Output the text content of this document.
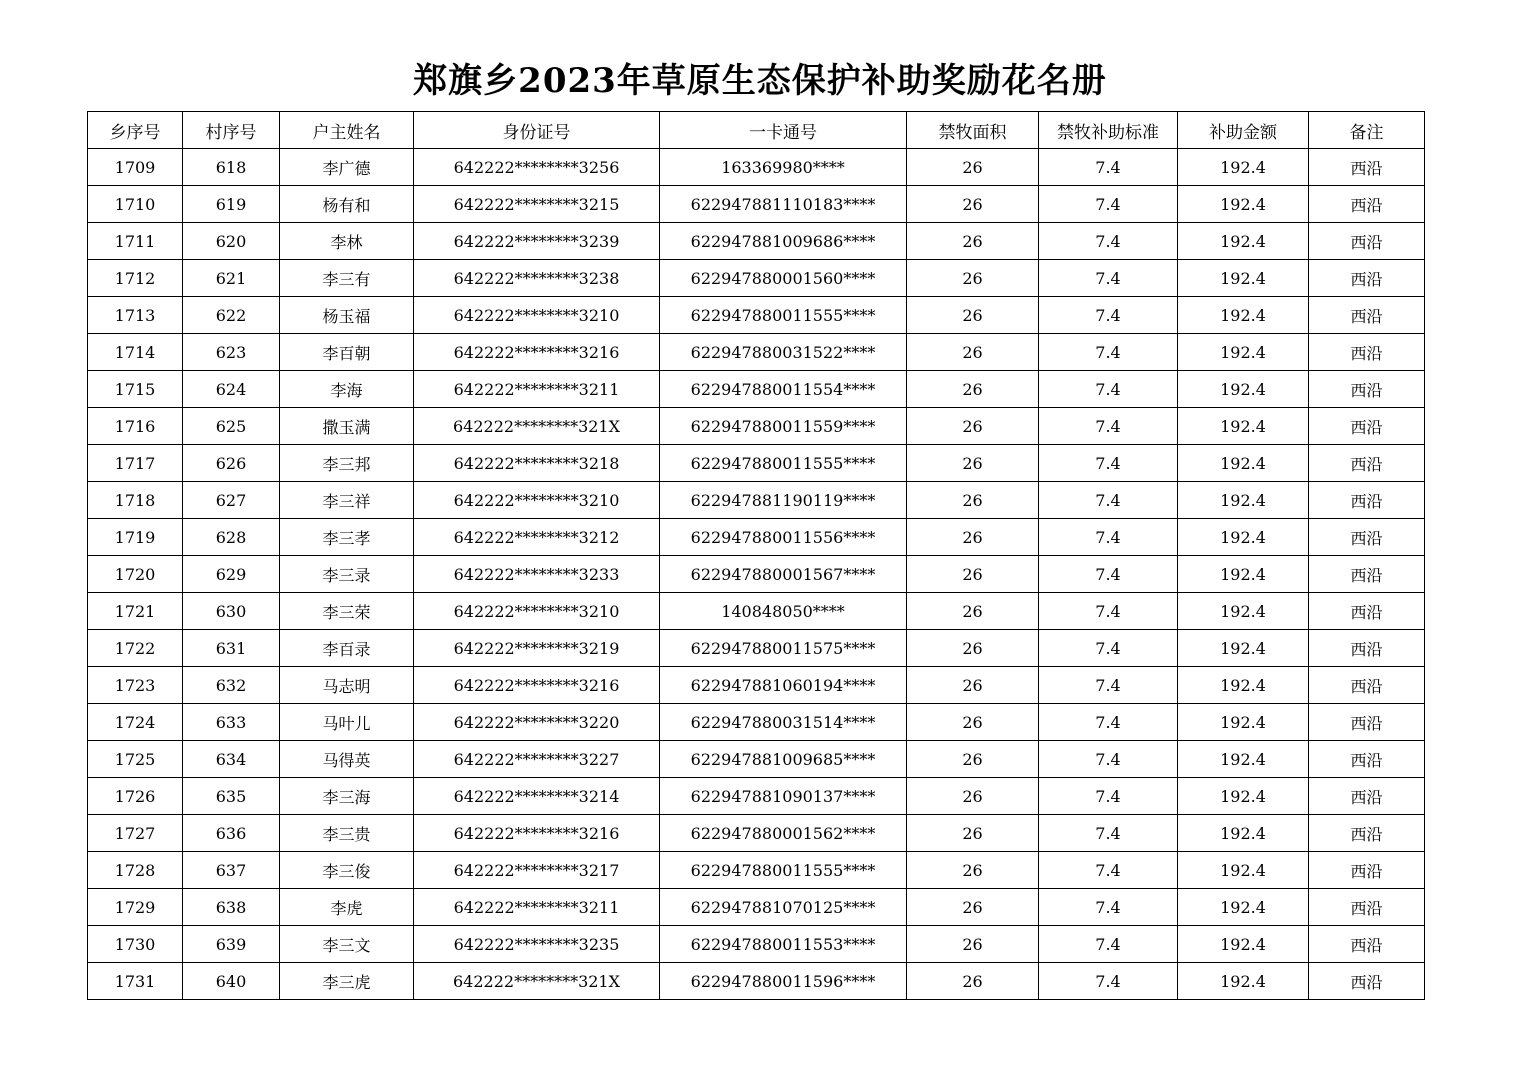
郑旗乡2023年草原生态保护补助奖励花名册
乡序号	村序号	户主姓名	身份证号	一卡通号	禁牧面积	禁牧补助标准	补助金额	备注
1709	618	李广德	642222********3256	163369980****	26	7.4	192.4	西沿
1710	619	杨有和	642222********3215	622947881110183****	26	7.4	192.4	西沿
1711	620	李林	642222********3239	622947881009686****	26	7.4	192.4	西沿
1712	621	李三有	642222********3238	622947880001560****	26	7.4	192.4	西沿
1713	622	杨玉福	642222********3210	622947880011555****	26	7.4	192.4	西沿
1714	623	李百朝	642222********3216	622947880031522****	26	7.4	192.4	西沿
1715	624	李海	642222********3211	622947880011554****	26	7.4	192.4	西沿
1716	625	撒玉满	642222********321X	622947880011559****	26	7.4	192.4	西沿
1717	626	李三邦	642222********3218	622947880011555****	26	7.4	192.4	西沿
1718	627	李三祥	642222********3210	622947881190119****	26	7.4	192.4	西沿
1719	628	李三孝	642222********3212	622947880011556****	26	7.4	192.4	西沿
1720	629	李三录	642222********3233	622947880001567****	26	7.4	192.4	西沿
1721	630	李三荣	642222********3210	140848050****	26	7.4	192.4	西沿
1722	631	李百录	642222********3219	622947880011575****	26	7.4	192.4	西沿
1723	632	马志明	642222********3216	622947881060194****	26	7.4	192.4	西沿
1724	633	马叶儿	642222********3220	622947880031514****	26	7.4	192.4	西沿
1725	634	马得英	642222********3227	622947881009685****	26	7.4	192.4	西沿
1726	635	李三海	642222********3214	622947881090137****	26	7.4	192.4	西沿
1727	636	李三贵	642222********3216	622947880001562****	26	7.4	192.4	西沿
1728	637	李三俊	642222********3217	622947880011555****	26	7.4	192.4	西沿
1729	638	李虎	642222********3211	622947881070125****	26	7.4	192.4	西沿
1730	639	李三文	642222********3235	622947880011553****	26	7.4	192.4	西沿
1731	640	李三虎	642222********321X	622947880011596****	26	7.4	192.4	西沿
